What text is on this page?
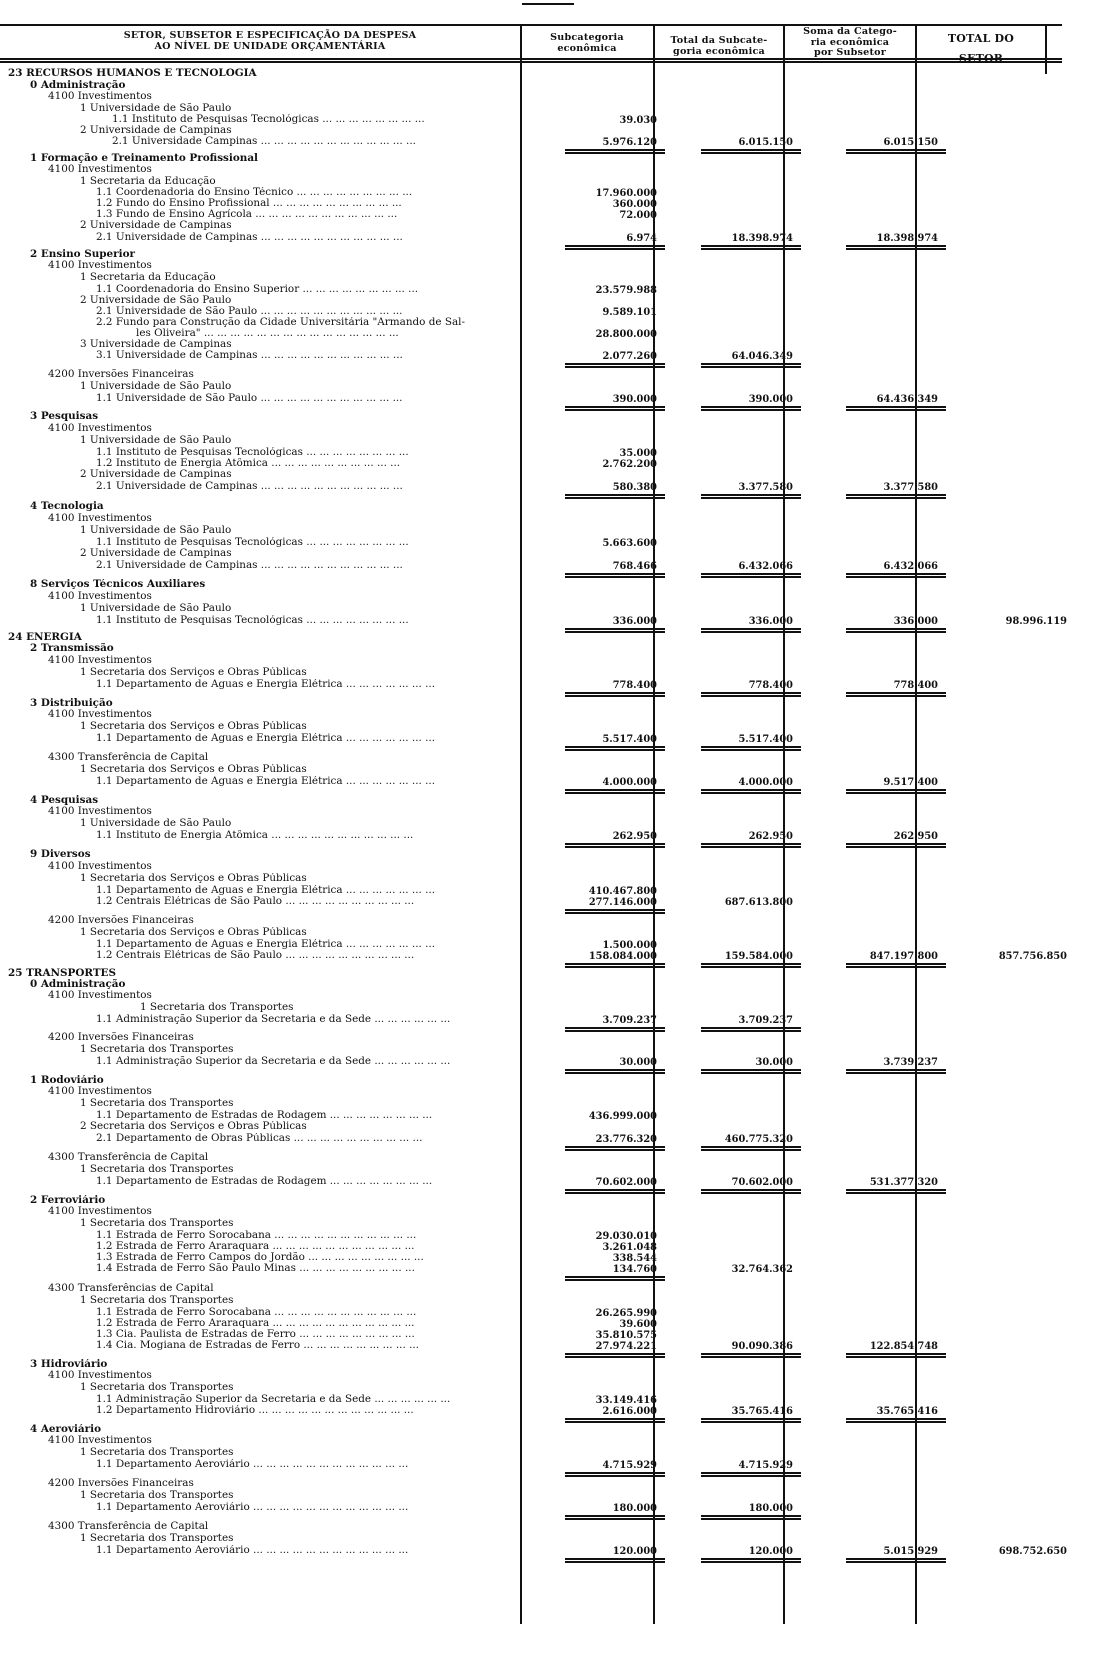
SETOR, SUBSETOR E ESPECIFICAÇÃO DA DESPESA
AO NÍVEL DE UNIDADE ORÇAMENTÁRIA
Subcategoria
econômica
Total da Subcate-
goria econômica
Soma da Catego-
ria econômica
por Subsetor
TOTAL DO
SETOR
23 RECURSOS HUMANOS E TECNOLOGIA
0 Administração
4100 Investimentos
1 Universidade de São Paulo
1.1 Instituto de Pesquisas Tecnológicas ... ... ... ... ... ... ... ...	39.030
2 Universidade de Campinas
2.1 Universidade Campinas ... ... ... ... ... ... ... ... ... ... ... ...	5.976.120	6.015.150	6.015.150
1 Formação e Treinamento Profissional
4100 Investimentos
1 Secretaria da Educação
1.1 Coordenadoria do Ensino Técnico ... ... ... ... ... ... ... ... ...	17.960.000
1.2 Fundo do Ensino Profissional ... ... ... ... ... ... ... ... ... ...	360.000
1.3 Fundo de Ensino Agrícola ... ... ... ... ... ... ... ... ... ... ...	72.000
2 Universidade de Campinas
2.1 Universidade de Campinas ... ... ... ... ... ... ... ... ... ... ...	6.974	18.398.974	18.398.974
2 Ensino Superior
4100 Investimentos
1 Secretaria da Educação
1.1 Coordenadoria do Ensino Superior ... ... ... ... ... ... ... ... ...	23.579.988
2 Universidade de São Paulo
2.1 Universidade de São Paulo ... ... ... ... ... ... ... ... ... ... ...	9.589.101
2.2 Fundo para Construção da Cidade Universitária "Armando de Sal-
les Oliveira" ... ... ... ... ... ... ... ... ... ... ... ... ... ... ...	28.800.000
3 Universidade de Campinas
3.1 Universidade de Campinas ... ... ... ... ... ... ... ... ... ... ...	2.077.260	64.046.349
4200 Inversões Financeiras
1 Universidade de São Paulo
1.1 Universidade de São Paulo ... ... ... ... ... ... ... ... ... ... ...	390.000	390.000	64.436.349
3 Pesquisas
4100 Investimentos
1 Universidade de São Paulo
1.1 Instituto de Pesquisas Tecnológicas ... ... ... ... ... ... ... ...	35.000
1.2 Instituto de Energia Atômica ... ... ... ... ... ... ... ... ... ...	2.762.200
2 Universidade de Campinas
2.1 Universidade de Campinas ... ... ... ... ... ... ... ... ... ... ...	580.380	3.377.580	3.377.580
4 Tecnologia
4100 Investimentos
1 Universidade de São Paulo
1.1 Instituto de Pesquisas Tecnológicas ... ... ... ... ... ... ... ...	5.663.600
2 Universidade de Campinas
2.1 Universidade de Campinas ... ... ... ... ... ... ... ... ... ... ...	768.466	6.432.066	6.432.066
8 Serviços Técnicos Auxiliares
4100 Investimentos
1 Universidade de São Paulo
1.1 Instituto de Pesquisas Tecnológicas ... ... ... ... ... ... ... ...	336.000	336.000	336.000	98.996.119
24 ENERGIA
2 Transmissão
4100 Investimentos
1 Secretaria dos Serviços e Obras Públicas
1.1 Departamento de Águas e Energia Elétrica ... ... ... ... ... ... ...	778.400	778.400	778.400
3 Distribuição
4100 Investimentos
1 Secretaria dos Serviços e Obras Públicas
1.1 Departamento de Águas e Energia Elétrica ... ... ... ... ... ... ...	5.517.400	5.517.400
4300 Transferência de Capital
1 Secretaria dos Serviços e Obras Públicas
1.1 Departamento de Águas e Energia Elétrica ... ... ... ... ... ... ...	4.000.000	4.000.000	9.517.400
4 Pesquisas
4100 Investimentos
1 Universidade de São Paulo
1.1 Instituto de Energia Atômica ... ... ... ... ... ... ... ... ... ... ...	262.950	262.950	262.950
9 Diversos
4100 Investimentos
1 Secretaria dos Serviços e Obras Públicas
1.1 Departamento de Águas e Energia Elétrica ... ... ... ... ... ... ...	410.467.800
1.2 Centrais Elétricas de São Paulo ... ... ... ... ... ... ... ... ... ...	277.146.000	687.613.800
4200 Inversões Financeiras
1 Secretaria dos Serviços e Obras Públicas
1.1 Departamento de Águas e Energia Elétrica ... ... ... ... ... ... ...	1.500.000
1.2 Centrais Elétricas de São Paulo ... ... ... ... ... ... ... ... ... ...	158.084.000	159.584.000	847.197.800	857.756.850
25 TRANSPORTES
0 Administração
4100 Investimentos
1 Secretaria dos Transportes
1.1 Administração Superior da Secretaria e da Sede ... ... ... ... ... ...	3.709.237	3.709.237
4200 Inversões Financeiras
1 Secretaria dos Transportes
1.1 Administração Superior da Secretaria e da Sede ... ... ... ... ... ...	30.000	30.000	3.739.237
1 Rodoviário
4100 Investimentos
1 Secretaria dos Transportes
1.1 Departamento de Estradas de Rodagem ... ... ... ... ... ... ... ...	436.999.000
2 Secretaria dos Serviços e Obras Públicas
2.1 Departamento de Obras Públicas ... ... ... ... ... ... ... ... ... ...	23.776.320	460.775.320
4300 Transferência de Capital
1 Secretaria dos Transportes
1.1 Departamento de Estradas de Rodagem ... ... ... ... ... ... ... ...	70.602.000	70.602.000	531.377.320
2 Ferroviário
4100 Investimentos
1 Secretaria dos Transportes
1.1 Estrada de Ferro Sorocabana ... ... ... ... ... ... ... ... ... ... ...	29.030.010
1.2 Estrada de Ferro Araraquara ... ... ... ... ... ... ... ... ... ... ...	3.261.048
1.3 Estrada de Ferro Campos do Jordão ... ... ... ... ... ... ... ... ...	338.544
1.4 Estrada de Ferro São Paulo Minas ... ... ... ... ... ... ... ... ...	134.760	32.764.362
4300 Transferências de Capital
1 Secretaria dos Transportes
1.1 Estrada de Ferro Sorocabana ... ... ... ... ... ... ... ... ... ... ...	26.265.990
1.2 Estrada de Ferro Araraquara ... ... ... ... ... ... ... ... ... ... ...	39.600
1.3 Cia. Paulista de Estradas de Ferro ... ... ... ... ... ... ... ... ...	35.810.575
1.4 Cia. Mogiana de Estradas de Ferro ... ... ... ... ... ... ... ... ...	27.974.221	90.090.386	122.854.748
3 Hidroviário
4100 Investimentos
1 Secretaria dos Transportes
1.1 Administração Superior da Secretaria e da Sede ... ... ... ... ... ...	33.149.416
1.2 Departamento Hidroviário ... ... ... ... ... ... ... ... ... ... ... ...	2.616.000	35.765.416	35.765.416
4 Aeroviário
4100 Investimentos
1 Secretaria dos Transportes
1.1 Departamento Aeroviário ... ... ... ... ... ... ... ... ... ... ... ...	4.715.929	4.715.929
4200 Inversões Financeiras
1 Secretaria dos Transportes
1.1 Departamento Aeroviário ... ... ... ... ... ... ... ... ... ... ... ...	180.000	180.000
4300 Transferência de Capital
1 Secretaria dos Transportes
1.1 Departamento Aeroviário ... ... ... ... ... ... ... ... ... ... ... ...	120.000	120.000	5.015.929	698.752.650
